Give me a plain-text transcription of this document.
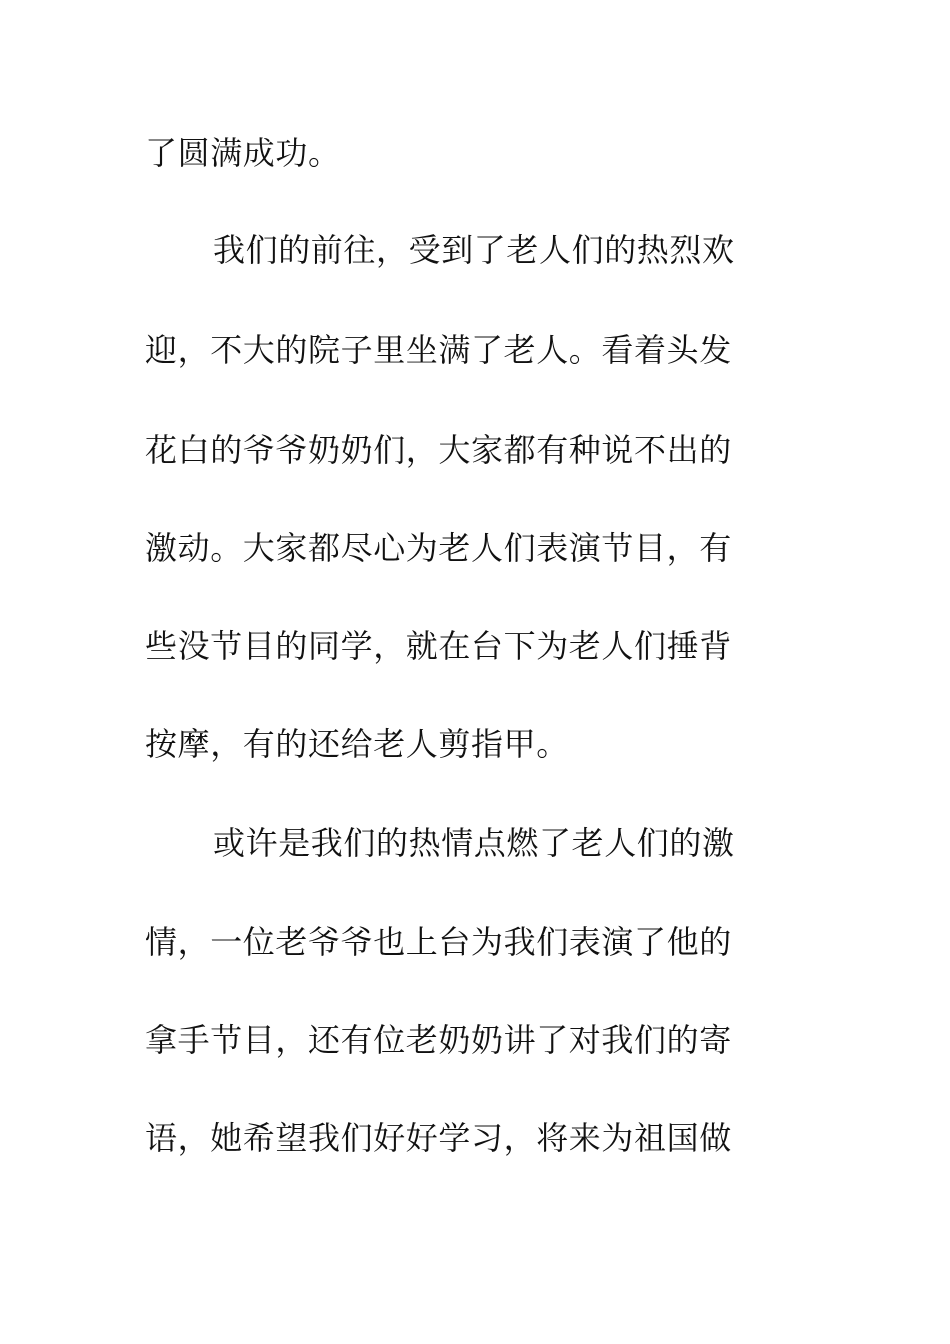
了圆满成功。
我们的前往，受到了老人们的热烈欢
迎，不大的院子里坐满了老人。看着头发
花白的爷爷奶奶们，大家都有种说不出的
激动。大家都尽心为老人们表演节目，有
些没节目的同学，就在台下为老人们捶背
按摩，有的还给老人剪指甲。
或许是我们的热情点燃了老人们的激
情，一位老爷爷也上台为我们表演了他的
拿手节目，还有位老奶奶讲了对我们的寄
语，她希望我们好好学习，将来为祖国做
